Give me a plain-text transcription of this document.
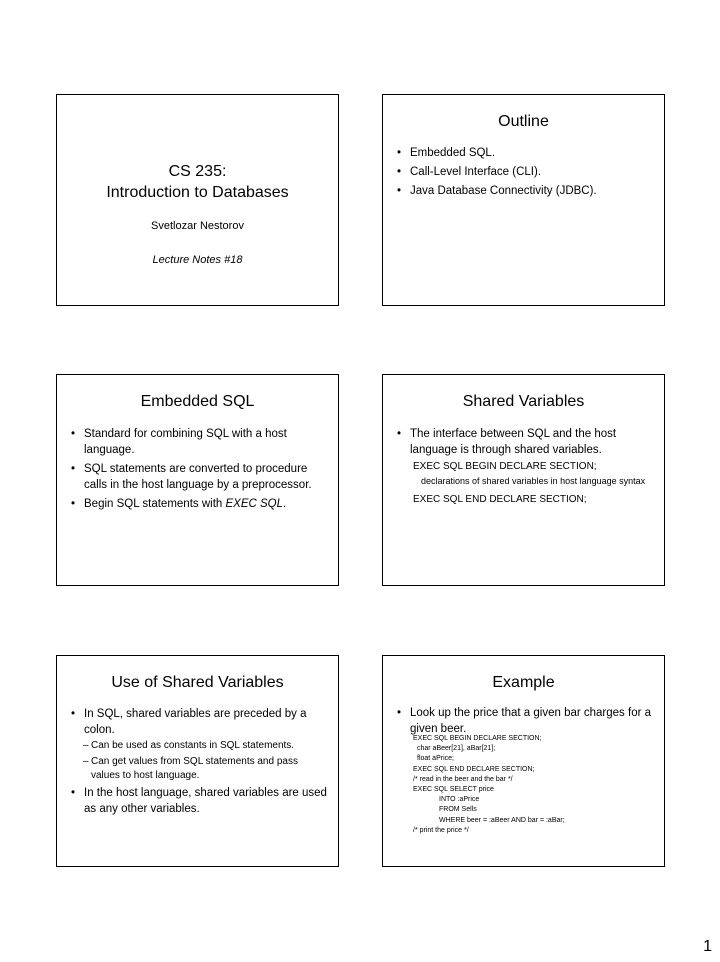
CS 235:
Introduction to Databases
Svetlozar Nestorov
Lecture Notes #18
Outline
• Embedded SQL.
• Call-Level Interface (CLI).
• Java Database Connectivity (JDBC).
Embedded SQL
• Standard for combining SQL with a host language.
• SQL statements are converted to procedure calls in the host language by a preprocessor.
• Begin SQL statements with EXEC SQL.
Shared Variables
• The interface between SQL and the host language is through shared variables.
EXEC SQL BEGIN DECLARE SECTION;
declarations of shared variables in host language syntax
EXEC SQL END DECLARE SECTION;
Use of Shared Variables
• In SQL, shared variables are preceded by a colon.
– Can be used as constants in SQL statements.
– Can get values from SQL statements and pass values to host language.
• In the host language, shared variables are used as any other variables.
Example
• Look up the price that a given bar charges for a given beer.
EXEC SQL BEGIN DECLARE SECTION;
char aBeer[21], aBar[21];
float aPrice;
EXEC SQL END DECLARE SECTION;
/* read in the beer and the bar */
EXEC SQL SELECT price
INTO :aPrice
FROM Sells
WHERE beer = :aBeer AND bar = :aBar;
/* print the price */
1
